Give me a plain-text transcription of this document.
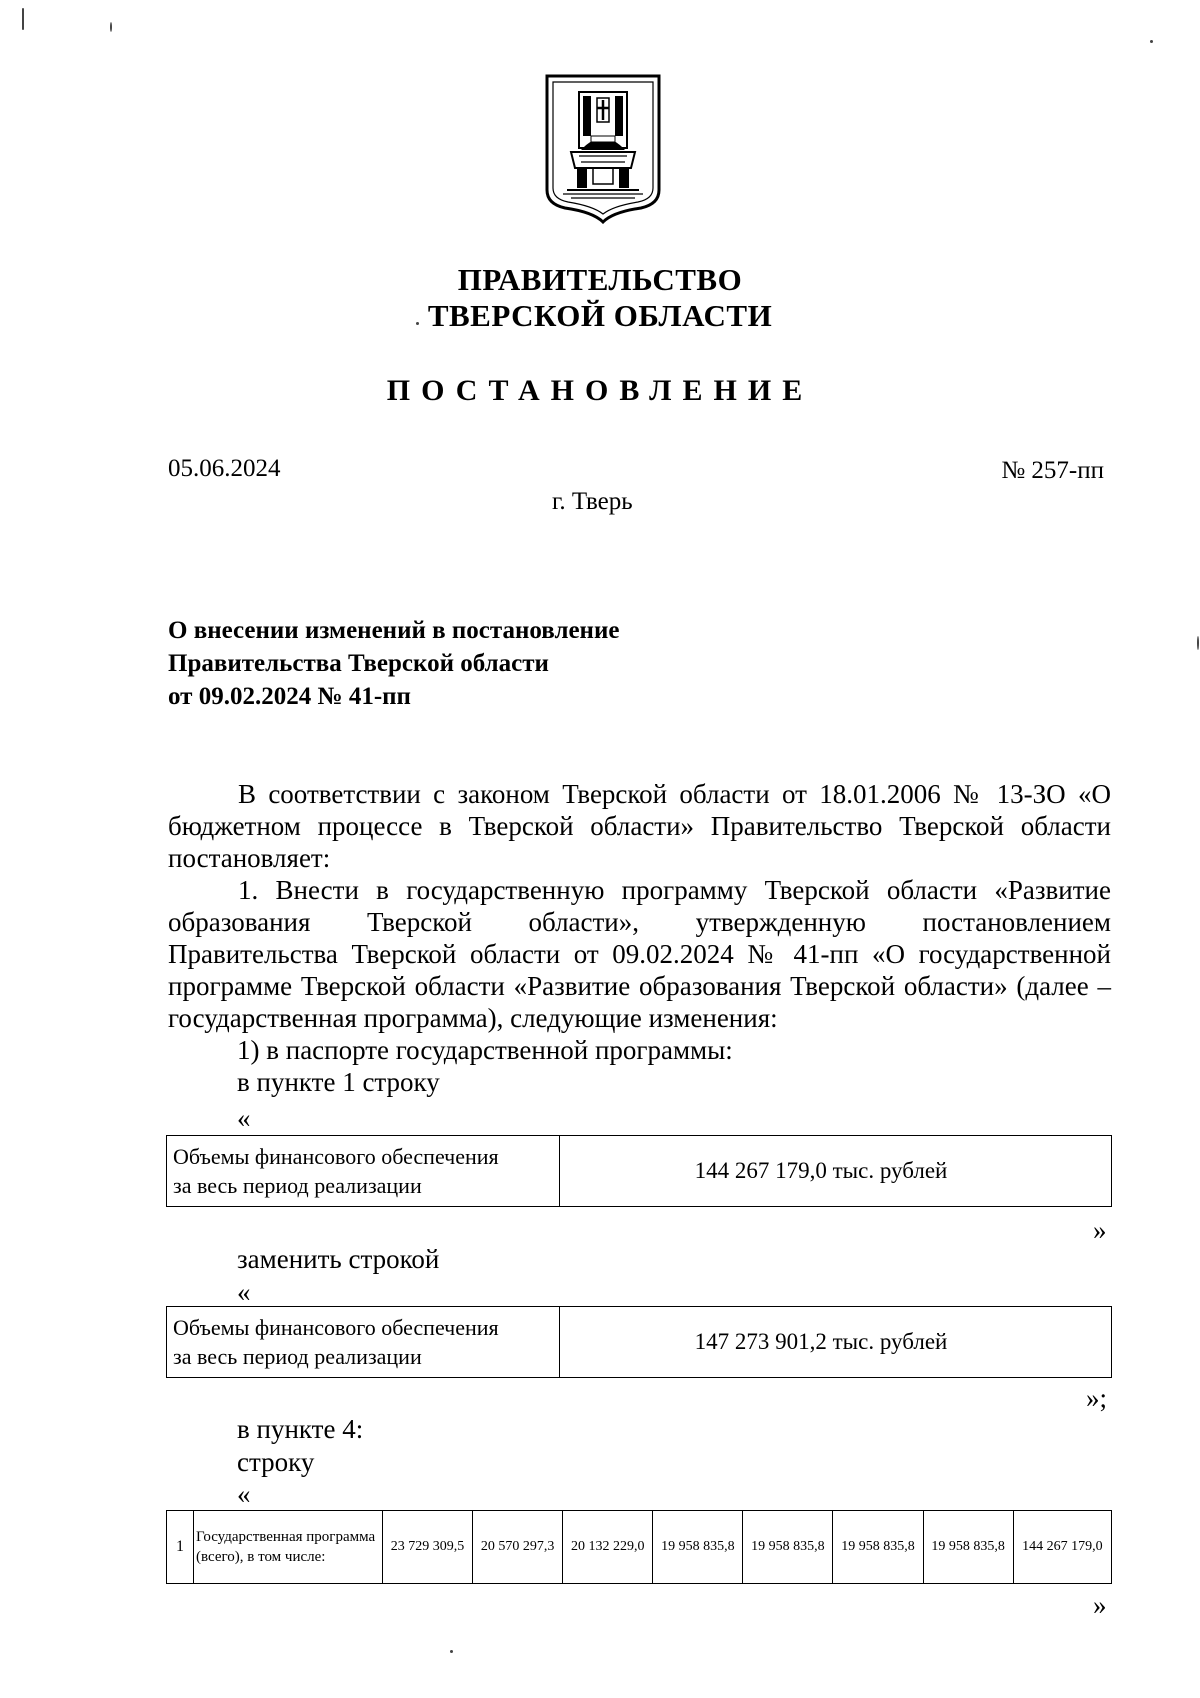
ПРАВИТЕЛЬСТВО
ТВЕРСКОЙ ОБЛАСТИ
ПОСТАНОВЛЕНИЕ
05.06.2024	№ 257-пп
г. Тверь
О внесении изменений в постановление
Правительства Тверской области
от 09.02.2024 № 41-пп
В соответствии с законом Тверской области от 18.01.2006 № 13-ЗО «О бюджетном процессе в Тверской области» Правительство Тверской области постановляет:
1. Внести в государственную программу Тверской области «Развитие образования Тверской области», утвержденную постановлением
Правительства Тверской области от 09.02.2024 № 41-пп «О государственной программе Тверской области «Развитие образования Тверской области» (далее – государственная программа), следующие изменения:
1) в паспорте государственной программы:
в пункте 1 строку
«
Объемы финансового обеспечения
за весь период реализации
	144 267 179,0 тыс. рублей
»
заменить строкой
«
Объемы финансового обеспечения
за весь период реализации
	147 273 901,2 тыс. рублей
»;
в пункте 4:
строку
«
1	Государственная программа (всего), в том числе:	23 729 309,5	20 570 297,3	20 132 229,0	19 958 835,8	19 958 835,8	19 958 835,8	19 958 835,8	144 267 179,0
»
